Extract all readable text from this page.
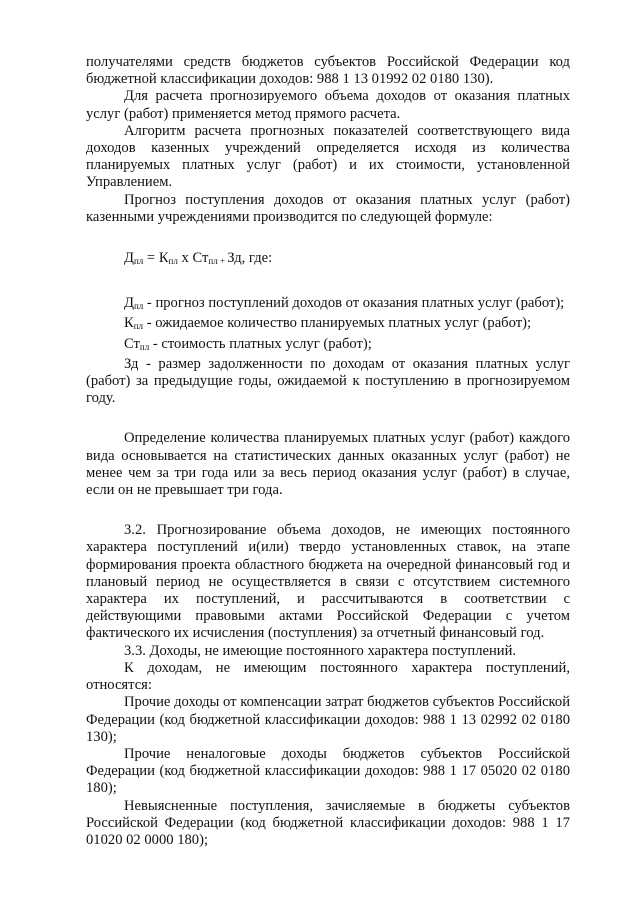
получателями средств бюджетов субъектов Российской Федерации код бюджетной классификации доходов: 988 1 13 01992 02 0180 130).

Для расчета прогнозируемого объема доходов от оказания платных услуг (работ) применяется метод прямого расчета.

Алгоритм расчета прогнозных показателей соответствующего вида доходов казенных учреждений определяется исходя из количества планируемых платных услуг (работ) и их стоимости, установленной Управлением.

Прогноз поступления доходов от оказания платных услуг (работ) казенными учреждениями производится по следующей формуле:

$Д_{пл} = К_{пл}$ х $Ст_{пл}$ $_+$ Зд, где:

$Д_{пл}$ - прогноз поступлений доходов от оказания платных услуг (работ);

$К_{пл}$ - ожидаемое количество планируемых платных услуг (работ);

$Ст_{пл}$ - стоимость платных услуг (работ);

Зд - размер задолженности по доходам от оказания платных услуг (работ) за предыдущие годы, ожидаемой к поступлению в прогнозируемом году.

Определение количества планируемых платных услуг (работ) каждого вида основывается на статистических данных оказанных услуг (работ) не менее чем за три года или за весь период оказания услуг (работ) в случае, если он не превышает три года.

3.2. Прогнозирование объема доходов, не имеющих постоянного характера поступлений и(или) твердо установленных ставок, на этапе формирования проекта областного бюджета на очередной финансовый год и плановый период не осуществляется в связи с отсутствием системного характера их поступлений, и рассчитываются в соответствии с действующими правовыми актами Российской Федерации с учетом фактического их исчисления (поступления) за отчетный финансовый год.

3.3. Доходы, не имеющие постоянного характера поступлений.

К доходам, не имеющим постоянного характера поступлений, относятся:

Прочие доходы от компенсации затрат бюджетов субъектов Российской Федерации (код бюджетной классификации доходов: 988 1 13 02992 02 0180 130);

Прочие неналоговые доходы бюджетов субъектов Российской Федерации (код бюджетной классификации доходов: 988 1 17 05020 02 0180 180);

Невыясненные поступления, зачисляемые в бюджеты субъектов Российской Федерации (код бюджетной классификации доходов: 988 1 17 01020 02 0000 180);
